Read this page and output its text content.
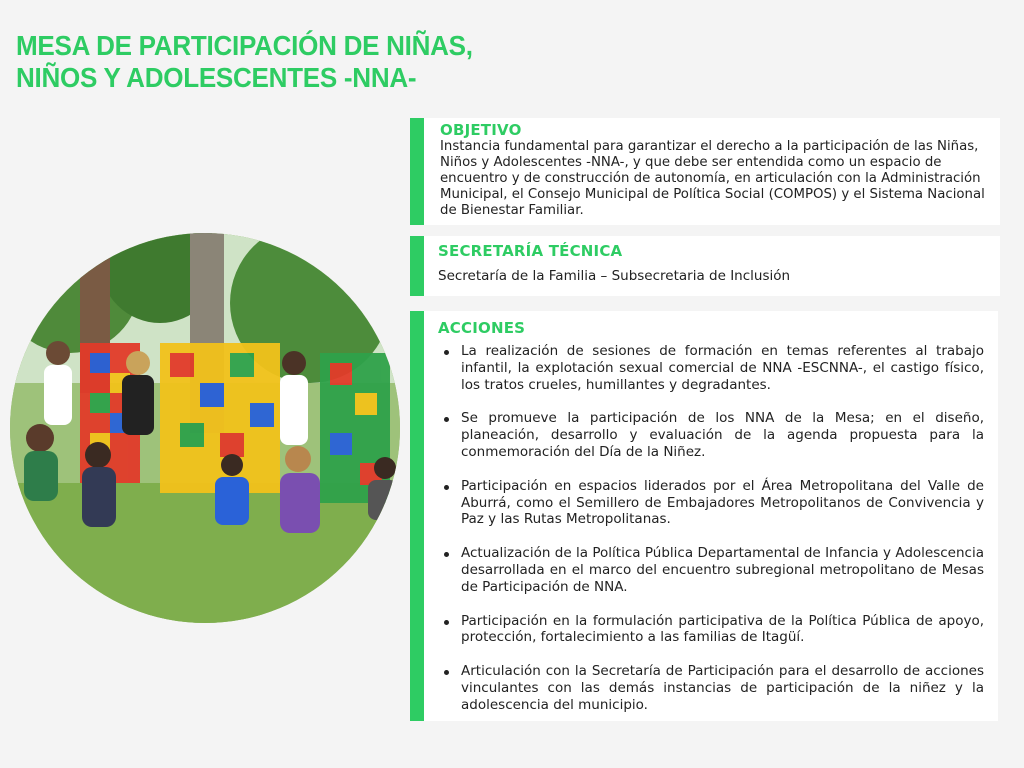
MESA DE PARTICIPACIÓN DE NIÑAS,
NIÑOS Y ADOLESCENTES -NNA-
OBJETIVO
Instancia fundamental para garantizar el derecho a la participación de las Niñas, Niños y Adolescentes -NNA-, y que debe ser entendida como un espacio de encuentro y de construcción de autonomía, en articulación con la Administración Municipal, el Consejo Municipal de Política Social (COMPOS) y el Sistema Nacional de Bienestar Familiar.
SECRETARÍA TÉCNICA
Secretaría de la Familia – Subsecretaria de Inclusión
ACCIONES
La realización de sesiones de formación en temas referentes al trabajo infantil, la explotación sexual comercial de NNA -ESCNNA-, el castigo físico, los tratos crueles, humillantes y degradantes.
Se promueve la participación de los NNA de la Mesa; en el diseño, planeación, desarrollo y evaluación de la agenda propuesta para la conmemoración del Día de la Niñez.
Participación en espacios liderados por el Área Metropolitana del Valle de Aburrá, como el Semillero de Embajadores Metropolitanos de Convivencia y Paz y las Rutas Metropolitanas.
Actualización de la Política Pública Departamental de Infancia y Adolescencia desarrollada en el marco del encuentro subregional metropolitano de Mesas de Participación de NNA.
Participación en la formulación participativa de la Política Pública de apoyo, protección, fortalecimiento a las familias de Itagüí.
Articulación con la Secretaría de Participación para el desarrollo de acciones vinculantes con las demás instancias de participación de la niñez y la adolescencia del municipio.
